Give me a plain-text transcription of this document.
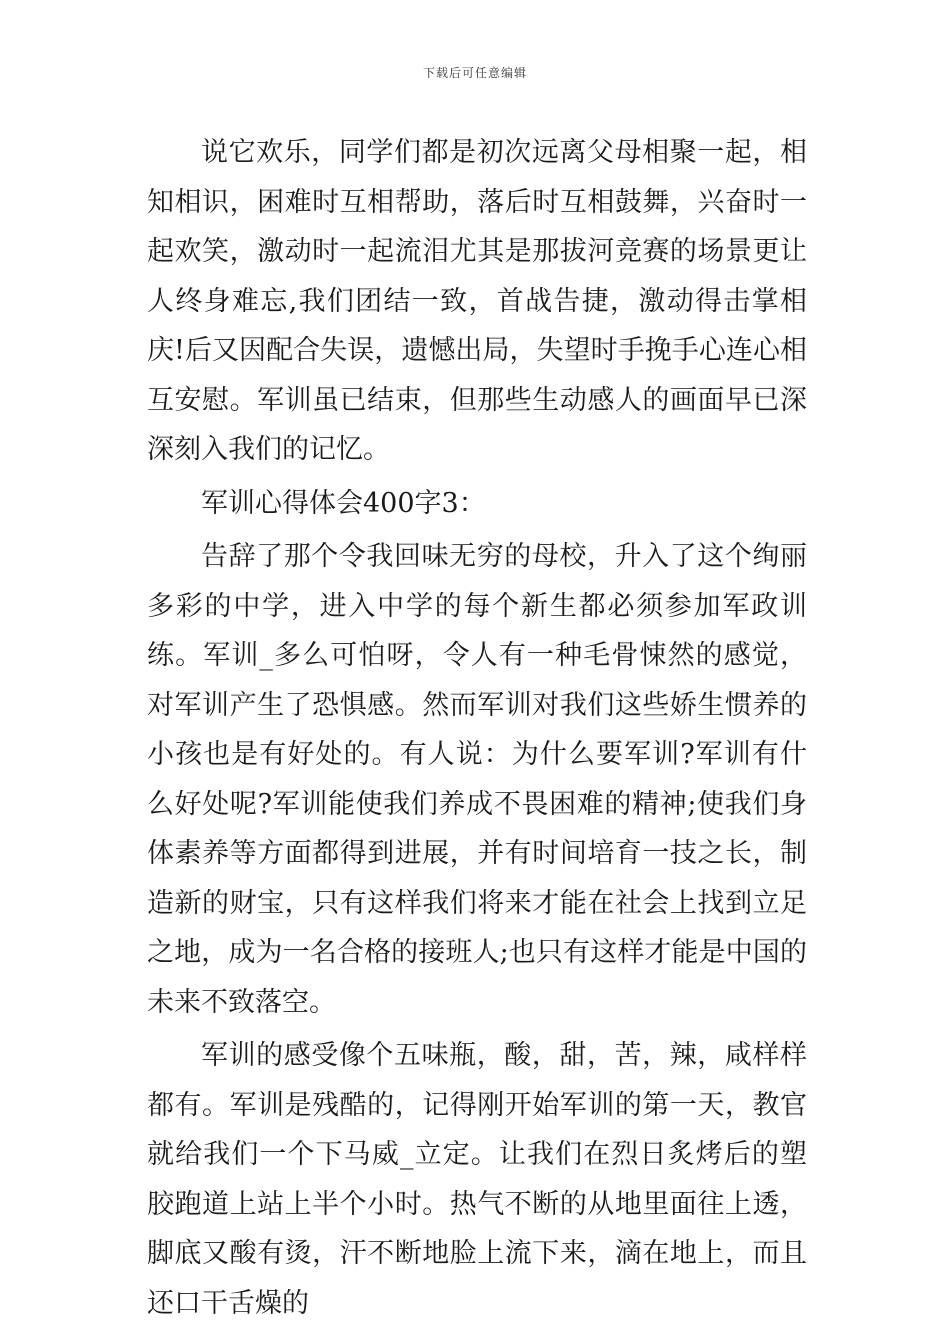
下载后可任意编辑

说它欢乐，同学们都是初次远离父母相聚一起，相知相识，困难时互相帮助，落后时互相鼓舞，兴奋时一起欢笑，激动时一起流泪尤其是那拔河竞赛的场景更让人终身难忘,我们团结一致，首战告捷，激动得击掌相庆!后又因配合失误，遗憾出局，失望时手挽手心连心相互安慰。军训虽已结束，但那些生动感人的画面早已深深刻入我们的记忆。

军训心得体会400字3：

告辞了那个令我回味无穷的母校，升入了这个绚丽多彩的中学，进入中学的每个新生都必须参加军政训练。军训_多么可怕呀，令人有一种毛骨悚然的感觉，对军训产生了恐惧感。然而军训对我们这些娇生惯养的小孩也是有好处的。有人说：为什么要军训?军训有什么好处呢?军训能使我们养成不畏困难的精神;使我们身体素养等方面都得到进展，并有时间培育一技之长，制造新的财宝，只有这样我们将来才能在社会上找到立足之地，成为一名合格的接班人;也只有这样才能是中国的未来不致落空。

军训的感受像个五味瓶，酸，甜，苦，辣，咸样样都有。军训是残酷的，记得刚开始军训的第一天，教官就给我们一个下马威_立定。让我们在烈日炙烤后的塑胶跑道上站上半个小时。热气不断的从地里面往上透，脚底又酸有烫，汗不断地脸上流下来，滴在地上，而且还口干舌燥的
